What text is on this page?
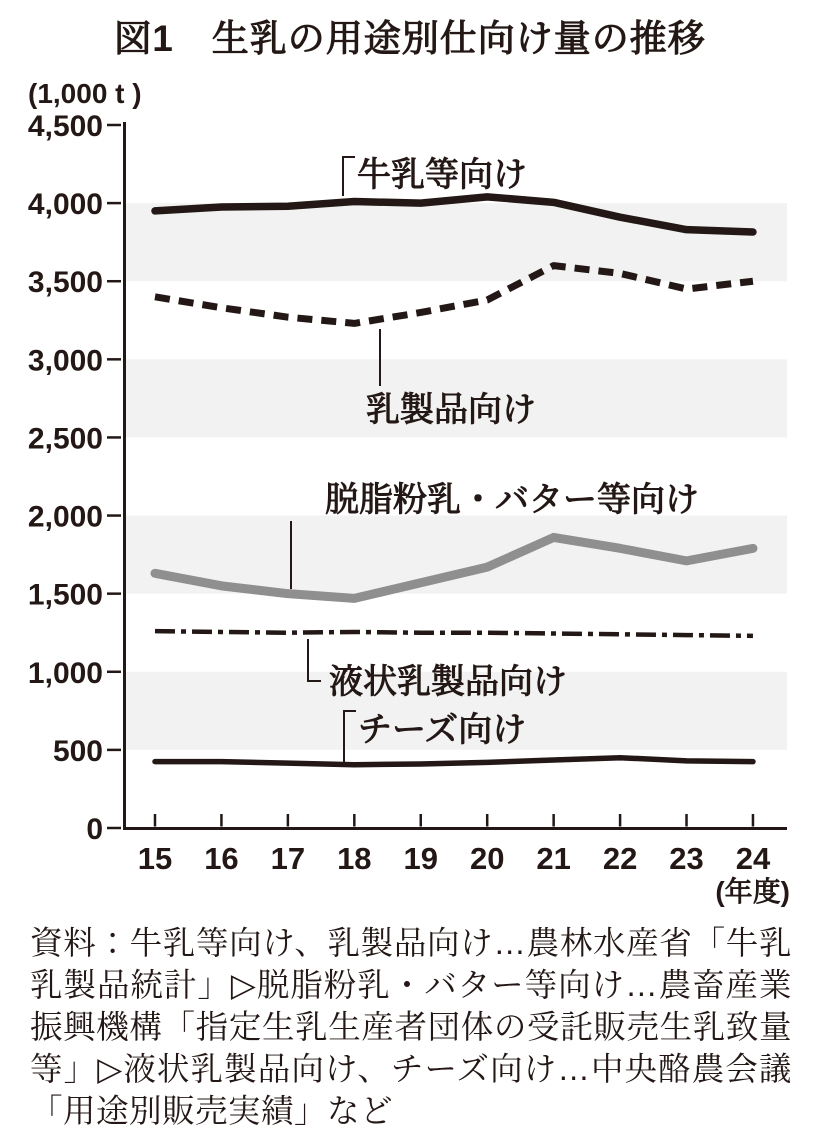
図1　生乳の用途別仕向け量の推移
0
500
1,000
1,500
2,000
2,500
3,000
3,500
4,000
4,500
15 16 17 18 19 20 21 22 23 24
牛乳等向け
乳製品向け
脱脂粉乳・バター等向け
液状乳製品向け
チーズ向け
(1,000 t )
(年度)
資料：牛乳等向け、乳製品向け…農林水産省「牛乳乳製品統計」▷脱脂粉乳・バター等向け…農畜産業振興機構「指定生乳生産者団体の受託販売生乳致量等」▷液状乳製品向け、チーズ向け…中央酪農会議「用途別販売実績」など
